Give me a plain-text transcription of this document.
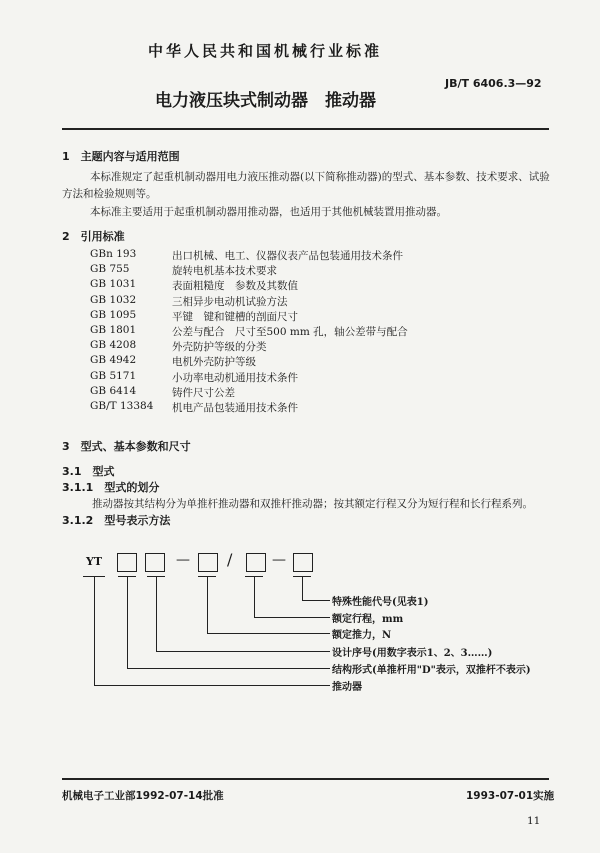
中华人民共和国机械行业标准
JB/T 6406.3—92
电力液压块式制动器　推动器
1　主题内容与适用范围
本标准规定了起重机制动器用电力液压推动器(以下简称推动器)的型式、基本参数、技术要求、试验
方法和检验规则等。
本标准主要适用于起重机制动器用推动器，也适用于其他机械装置用推动器。
2　引用标准
GBn 193	出口机械、电工、仪器仪表产品包装通用技术条件
GB 755	旋转电机基本技术要求
GB 1031	表面粗糙度　参数及其数值
GB 1032	三相异步电动机试验方法
GB 1095	平键　键和键槽的剖面尺寸
GB 1801	公差与配合　尺寸至500 mm 孔，轴公差带与配合
GB 4208	外壳防护等级的分类
GB 4942	电机外壳防护等级
GB 5171	小功率电动机通用技术条件
GB 6414	铸件尺寸公差
GB/T 13384 机电产品包装通用技术条件
3　型式、基本参数和尺寸
3.1　型式
3.1.1　型式的划分
推动器按其结构分为单推杆推动器和双推杆推动器；按其额定行程又分为短行程和长行程系列。
3.1.2　型号表示方法
YT	— /	—
特殊性能代号(见表1)
额定行程，mm
额定推力，N
设计序号(用数字表示1、2、3……)
结构形式(单推杆用"D"表示，双推杆不表示)
推动器
机械电子工业部1992-07-14批准	1993-07-01实施
11
